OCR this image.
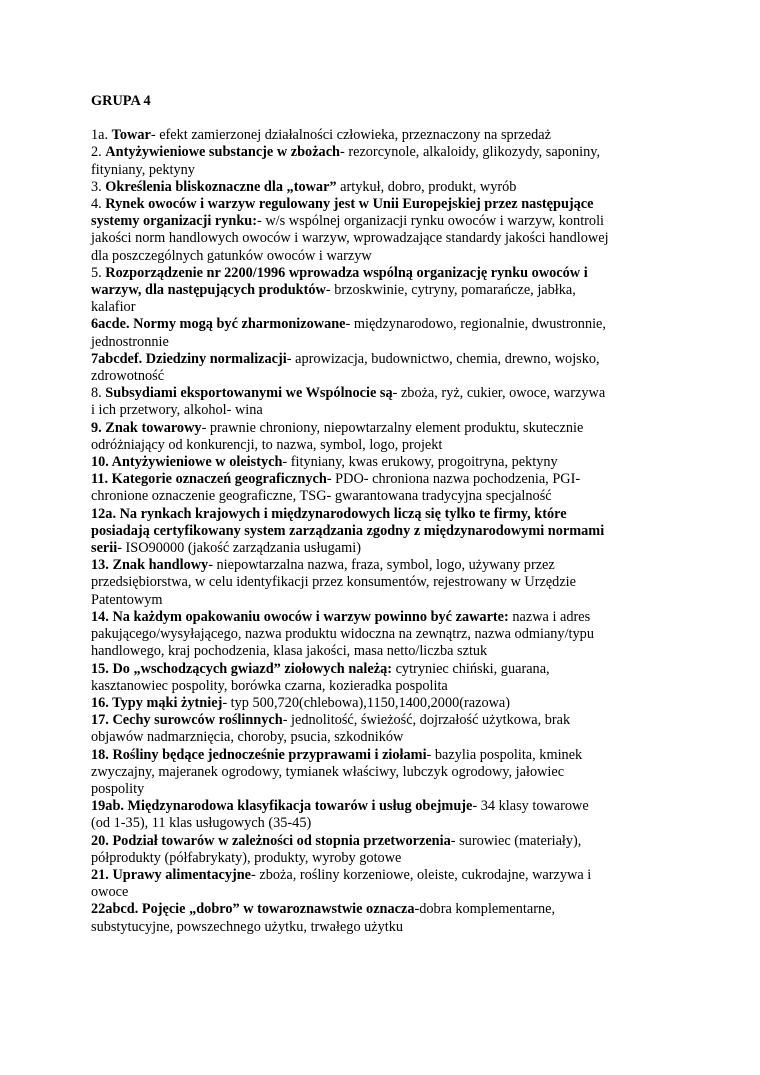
GRUPA 4

1a. Towar- efekt zamierzonej działalności człowieka, przeznaczony na sprzedaż

2. Antyżywieniowe substancje w zbożach- rezorcynole, alkaloidy, glikozydy, saponiny, fityniany, pektyny

3. Określenia bliskoznaczne dla „towar” artykuł, dobro, produkt, wyrób

4. Rynek owoców i warzyw regulowany jest w Unii Europejskiej przez następujące systemy organizacji rynku:- w/s wspólnej organizacji rynku owoców i warzyw, kontroli jakości norm handlowych owoców i warzyw, wprowadzające standardy jakości handlowej dla poszczególnych gatunków owoców i warzyw

5. Rozporządzenie nr 2200/1996 wprowadza wspólną organizację rynku owoców i warzyw, dla następujących produktów- brzoskwinie, cytryny, pomarańcze, jabłka, kalafior

6acde. Normy mogą być zharmonizowane- międzynarodowo, regionalnie, dwustronnie, jednostronnie

7abcdef. Dziedziny normalizacji- aprowizacja, budownictwo, chemia, drewno, wojsko, zdrowotność

8. Subsydiami eksportowanymi we Wspólnocie są- zboża, ryż, cukier, owoce, warzywa i ich przetwory, alkohol- wina

9. Znak towarowy- prawnie chroniony, niepowtarzalny element produktu, skutecznie odróżniający od konkurencji, to nazwa, symbol, logo, projekt

10. Antyżywieniowe w oleistych- fityniany, kwas erukowy, progoitryna, pektyny

11. Kategorie oznaczeń geograficznych- PDO- chroniona nazwa pochodzenia, PGI- chronione oznaczenie geograficzne, TSG- gwarantowana tradycyjna specjalność

12a. Na rynkach krajowych i międzynarodowych liczą się tylko te firmy, które posiadają certyfikowany system zarządzania zgodny z międzynarodowymi normami serii- ISO90000 (jakość zarządzania usługami)

13. Znak handlowy- niepowtarzalna nazwa, fraza, symbol, logo, używany przez przedsiębiorstwa, w celu identyfikacji przez konsumentów, rejestrowany w Urzędzie Patentowym

14. Na każdym opakowaniu owoców i warzyw powinno być zawarte: nazwa i adres pakującego/wysyłającego, nazwa produktu widoczna na zewnątrz, nazwa odmiany/typu handlowego, kraj pochodzenia, klasa jakości, masa netto/liczba sztuk

15. Do „wschodzących gwiazd” ziołowych należą: cytryniec chiński, guarana, kasztanowiec pospolity, borówka czarna, kozieradka pospolita

16. Typy mąki żytniej- typ 500,720(chlebowa),1150,1400,2000(razowa)

17. Cechy surowców roślinnych- jednolitość, świeżość, dojrzałość użytkowa, brak objawów nadmarznięcia, choroby, psucia, szkodników

18. Rośliny będące jednocześnie przyprawami i ziołami- bazylia pospolita, kminek zwyczajny, majeranek ogrodowy, tymianek właściwy, lubczyk ogrodowy, jałowiec pospolity

19ab. Międzynarodowa klasyfikacja towarów i usług obejmuje- 34 klasy towarowe (od 1-35), 11 klas usługowych (35-45)

20. Podział towarów w zależności od stopnia przetworzenia- surowiec (materiały), półprodukty (półfabrykaty), produkty, wyroby gotowe

21. Uprawy alimentacyjne- zboża, rośliny korzeniowe, oleiste, cukrodajne, warzywa i owoce

22abcd. Pojęcie „dobro” w towaroznawstwie oznacza-dobra komplementarne, substytucyjne, powszechnego użytku, trwałego użytku
